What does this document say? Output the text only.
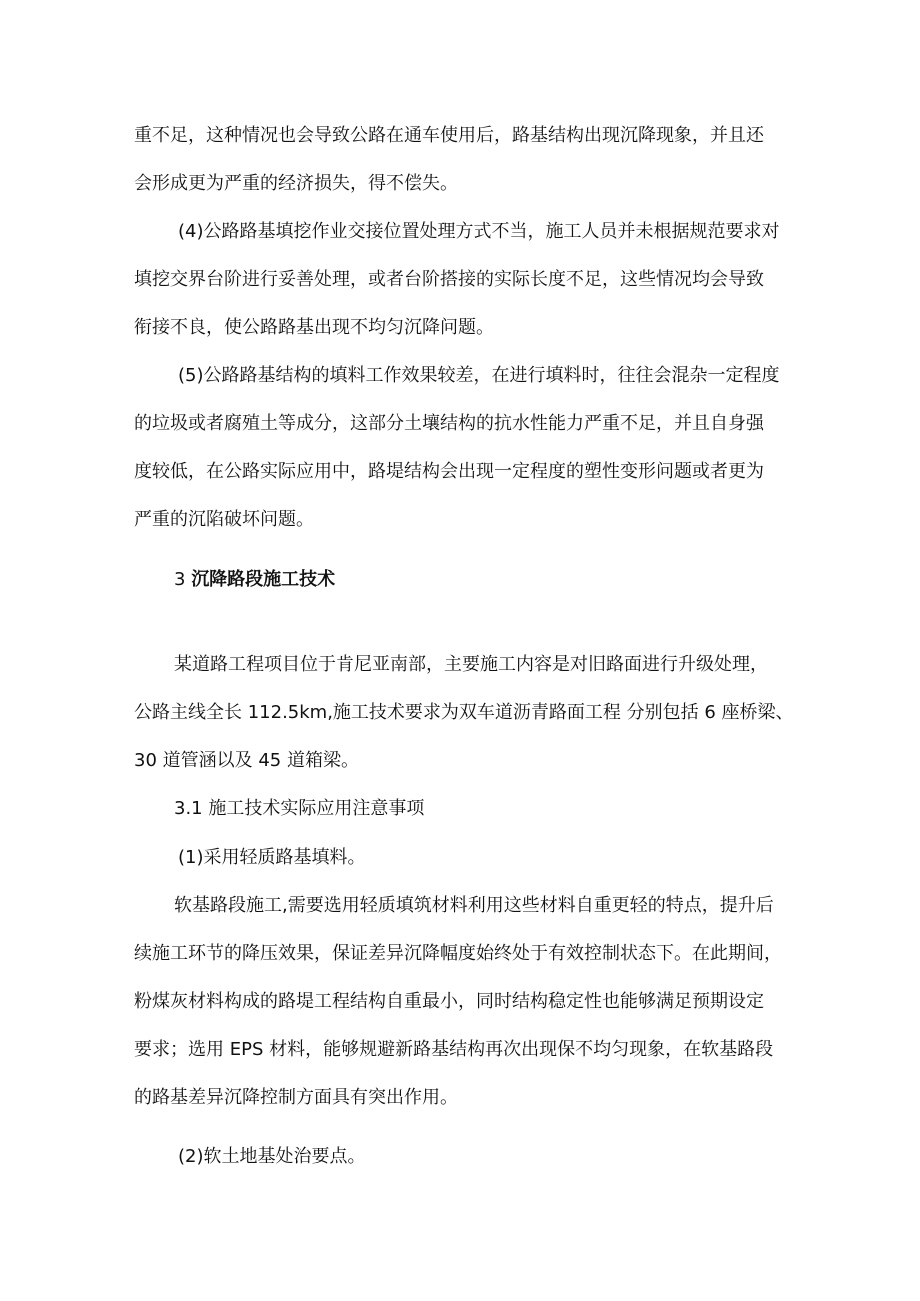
重不足，这种情况也会导致公路在通车使用后，路基结构出现沉降现象，并且还
会形成更为严重的经济损失，得不偿失。
(4)公路路基填挖作业交接位置处理方式不当，施工人员并未根据规范要求对
填挖交界台阶进行妥善处理，或者台阶搭接的实际长度不足，这些情况均会导致
衔接不良，使公路路基出现不均匀沉降问题。
(5)公路路基结构的填料工作效果较差，在进行填料时，往往会混杂一定程度
的垃圾或者腐殖土等成分，这部分土壤结构的抗水性能力严重不足，并且自身强
度较低，在公路实际应用中，路堤结构会出现一定程度的塑性变形问题或者更为
严重的沉陷破坏问题。
3 沉降路段施工技术
某道路工程项目位于肯尼亚南部，主要施工内容是对旧路面进行升级处理，
公路主线全长 112.5km,施工技术要求为双车道沥青路面工程 分别包括 6 座桥梁、
30 道管涵以及 45 道箱梁。
3.1 施工技术实际应用注意事项
(1)采用轻质路基填料。
软基路段施工,需要选用轻质填筑材料利用这些材料自重更轻的特点，提升后
续施工环节的降压效果，保证差异沉降幅度始终处于有效控制状态下。在此期间，
粉煤灰材料构成的路堤工程结构自重最小，同时结构稳定性也能够满足预期设定
要求；选用 EPS 材料，能够规避新路基结构再次出现保不均匀现象，在软基路段
的路基差异沉降控制方面具有突出作用。
(2)软土地基处治要点。
